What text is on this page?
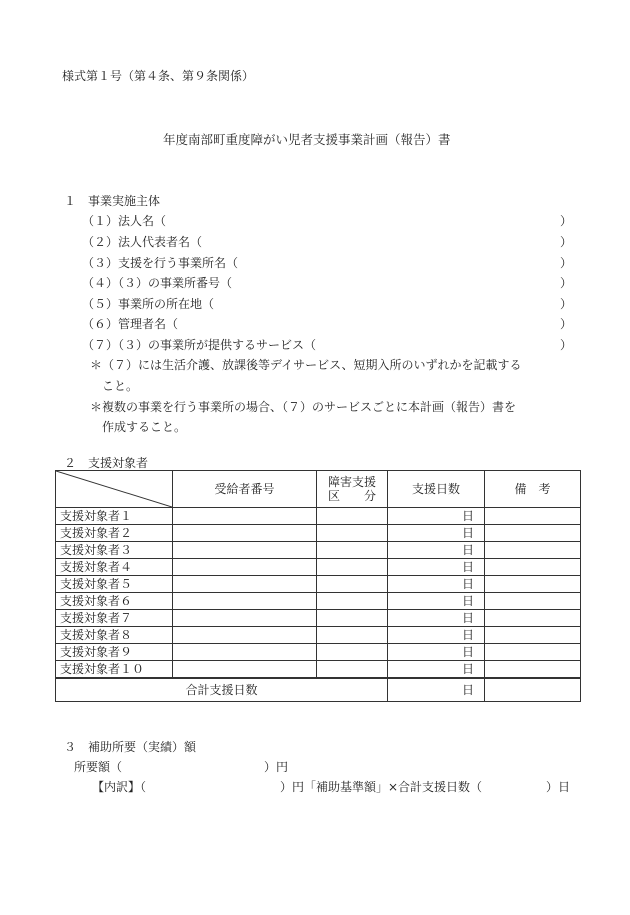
様式第１号（第４条、第９条関係）
年度南部町重度障がい児者支援事業計画（報告）書
１　事業実施主体
（１）法人名（	）
（２）法人代表者名（	）
（３）支援を行う事業所名（	）
（４）（３）の事業所番号（	）
（５）事業所の所在地（	）
（６）管理者名（	）
（７）（３）の事業所が提供するサービス（	）
＊（７）には生活介護、放課後等デイサービス、短期入所のいずれかを記載する
こと。
＊複数の事業を行う事業所の場合、（７）のサービスごとに本計画（報告）書を
作成すること。
２　支援対象者
	受給者番号	障害支援
区　　分	支援日数	備　考
支援対象者１			日	
支援対象者２			日	
支援対象者３			日	
支援対象者４			日	
支援対象者５			日	
支援対象者６			日	
支援対象者７			日	
支援対象者８			日	
支援対象者９			日	
支援対象者１０			日	
合計支援日数			日	
３　補助所要（実績）額
所要額（	）円
【内訳】（	）円「補助基準額」×合計支援日数（	）日
